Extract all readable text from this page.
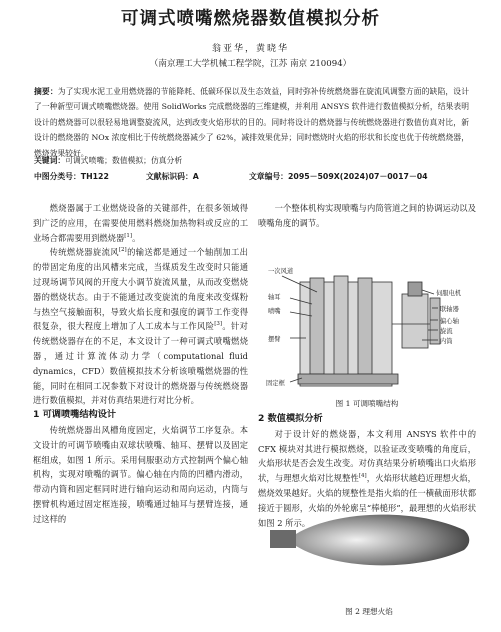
可调式喷嘴燃烧器数值模拟分析
翁亚华，黄晓华
（南京理工大学机械工程学院，江苏 南京 210094）
摘要：为了实现水泥工业用燃烧器的节能降耗、低碳环保以及生态效益，同时弥补传统燃烧器在旋流风调整方面的缺陷，设计了一种新型可调式喷嘴燃烧器。使用 SolidWorks 完成燃烧器的三维建模，并利用 ANSYS 软件进行数值模拟分析，结果表明设计的燃烧器可以很轻易地调整旋流风，达到改变火焰形状的目的。同时将设计的燃烧器与传统燃烧器进行数值仿真对比，新设计的燃烧器的 NOx 浓度相比于传统燃烧器减少了 62%，减排效果优异；同时燃烧时火焰的形状和长度也优于传统燃烧器，燃烧效果较好。
关键词：可调式喷嘴；数值模拟；仿真分析
中图分类号：TH122	文献标识码：A	文章编号：2095－509X(2024)07－0017－04

燃烧器属于工业燃烧设备的关键部件，在很多领域得到广泛的应用，在需要使用燃料燃烧加热物料或反应的工业场合都需要用到燃烧器[1]。

传统燃烧器旋流风[2]的输送都是通过一个轴削加工出的带固定角度的出风槽来完成，当煤质发生改变时只能通过现场调节风阀的开度大小调节旋流风量，从而改变燃烧器的燃烧状态。由于不能通过改变旋流的角度来改变煤粉与热空气接触面积，导致火焰长度和强度的调节工作变得很复杂，很大程度上增加了人工成本与工作风险[3]。针对传统燃烧器存在的不足，本文设计了一种可调式喷嘴燃烧器，通过计算流体动力学（computational fluid dynamics，CFD）数值模拟技术分析该喷嘴燃烧器的性能，同时在相同工况参数下对设计的燃烧器与传统燃烧器进行数值模拟，并对仿真结果进行对比分析。

1 可调喷嘴结构设计

传统燃烧器出风槽角度固定，火焰调节工序复杂。本文设计的可调节喷嘴由双球状喷嘴、轴耳、摆臂以及固定框组成，如图 1 所示。采用伺服驱动方式控制两个偏心轴机构，实现对喷嘴的调节。偏心轴在内筒的凹槽内滑动，带动内筒和固定框同时进行轴向运动和周向运动，内筒与摆臂机构通过固定框连接，喷嘴通过轴耳与摆臂连接，通过这样的

一个整体机构实现喷嘴与内筒管道之间的协调运动以及喷嘴角度的调节。

一次风道
轴耳
喷嘴
摆臂
固定框
伺服电机
联轴器
偏心轴
旋流
内筒
图 1 可调喷嘴结构

2 数值模拟分析

对于设计好的燃烧器，本文利用 ANSYS 软件中的 CFX 模块对其进行模拟燃烧，以验证改变喷嘴的角度后，火焰形状是否会发生改变。对仿真结果分析喷嘴出口火焰形状，与理想火焰对比规整性[4]，火焰形状越趋近理想火焰，燃烧效果越好。火焰的规整性是指火焰的任一横截面形状都接近于圆形，火焰的外轮廓呈“棒槌形”，最理想的火焰形状如图 2 所示。

图 2 理想火焰
